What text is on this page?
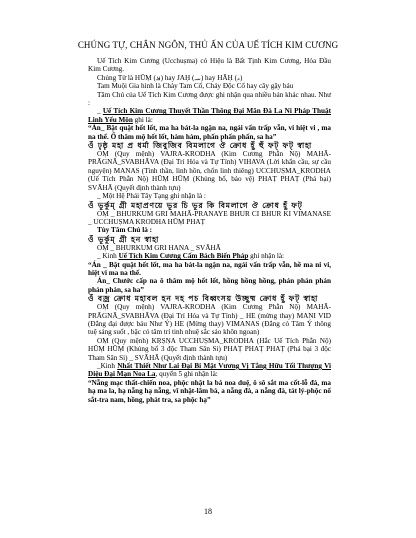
CHÚNG TỰ, CHÂN NGÔN, THỦ ẤN CỦA UẾ TÍCH KIM CƯƠNG

Uế Tích Kim Cương (Ucchuṣma) có Hiệu là Bất Tịnh Kim Cương, Hỏa Đầu Kim Cương.

Chủng Tử là HŪṂ (ࡃ) hay JAḤ (ࡄ) hay HĀḤ (ࡅ)

Tam Muội Gia hình là Chày Tam Cổ, Cháy Độc Cổ hay cây gậy báu

Tâm Chú của Uế Tích Kim Cương được ghi nhận qua nhiều bản khác nhau. Như :

_ Uế Tích Kim Cương Thuyết Thần Thông Đại Mãn Đà La Ni Pháp Thuật Linh Yếu Môn ghi là:

“Án_ Bật quật hốt lốt, ma ha bát-la ngận na, ngải vấn trấp vẫn, vi hiệt vi , ma na thế. Ổ thâm mộ hốt lốt, hàm hàm, phấn phấn phấn, sa ha”

ওঁ ঢ়ৃষ্ঠৃ মহা প্র ধর্মা জিবুজিব বিমলাগে ঔ ক্রোধ হূঁ হুঁ ফট্ ফট্ স্বাহা

OṂ (Quy mệnh) VAJRA-KRODHA (Kim Cương Phẫn Nộ) MAHĀ-PRĀGNĀ_SVABHĀVA (Đại Trí Hóa và Tự Tính) VIHAVA (Lời khẩn cầu, sự cầu nguyện) MANAS (Tinh thần, linh hồn, chốn linh thiêng) UCCHUṢMA_KRODHA (Uế Tích Phẫn Nộ) HŪṂ HŪṂ (Khủng bố, bảo vệ) PHAṬ PHAṬ (Phá bại) SVĀHĀ (Quyết định thành tựu)

_ Một Hệ Phái Tây Tạng ghi nhận là :

ওঁ ভূর্কুম্ গ্রী মহাপ্রণয়ে ভূর চি ভূর কি বিমলাগে ঔ ক্রোধ হূঁ ফট্

OṂ _ BHURKUM GRI MAHĀ-PRANAYE BHUR CI BHUR KI VIMANASE _ UCCHUṢMA KRODHA HŪṂ PHAṬ

Tùy Tâm Chú là :

ওঁ ভূর্কুম্ গ্রী হন স্বাহা

OṂ _ BHURKUM GRI HANA _ SVĀHĀ

_ Kinh Uế Tích Kim Cương Cấm Bách Biến Pháp ghi nhận là:

“Án _ Bật quật hốt lốt, ma ha bát-la ngận na, ngải vấn trấp vẫn, hề ma ni vi, hiệt vi ma na thế.

Án_ Chước cấp na ô thâm mộ hốt lốt, hồng hồng hồng, phán phán phán phán phán, sa ha”

ওঁ বজ্র ক্রোধ মহাবল হন দহ পচ বিধ্বংসয় উচ্ছুষ্ম ক্রোধ হূঁ ফট্ স্বাহা

OṂ (Quy mệnh) VAJRA-KRODHA (Kim Cương Phẫn Nộ) MAHĀ-PRĀGNĀ_SVABHĀVA (Đại Trí Hóa và Tự Tính) _ HE (mừng thay) MANI VID (Đẳng đại được báu Như Ý) HE (Mừng thay) VIMANAS (Đẳng có Tâm Ý thông tuệ sáng suốt , bậc có tâm trí tinh nhuệ sắc sảo khôn ngoan)

OṂ (Quy mệnh) KṚṢṆA UCCHUṢMA_KRODHA (Hắc Uế Tích Phẫn Nộ) HŪṂ HŪṂ (Khủng bố 3 độc Tham Sân Si) PHAṬ PHAṬ PHAṬ (Phá bại 3 độc Tham Sân Si) _ SVĀHĀ (Quyết định thành tựu)

_Kinh Nhất Thiết Như Lai Đại Bí Mật Vương Vị Tằng Hữu Tối Thượng Vi Diệu Đại Mạn Noa La, quyển 5 ghi nhận là:

“Nẵng mạc thất-chiến noa, phộc nhật la bá noa duệ, ô sô sắt ma cốt-lỗ đà, ma hạ ma la, hạ nẵng hạ nẵng, vĩ nhật-lãm bà, a nẵng đà, a nẵng đà, tát lý-phộc nổ sắt-tra nam, hồng, phát tra, sa phộc hạ”

18
